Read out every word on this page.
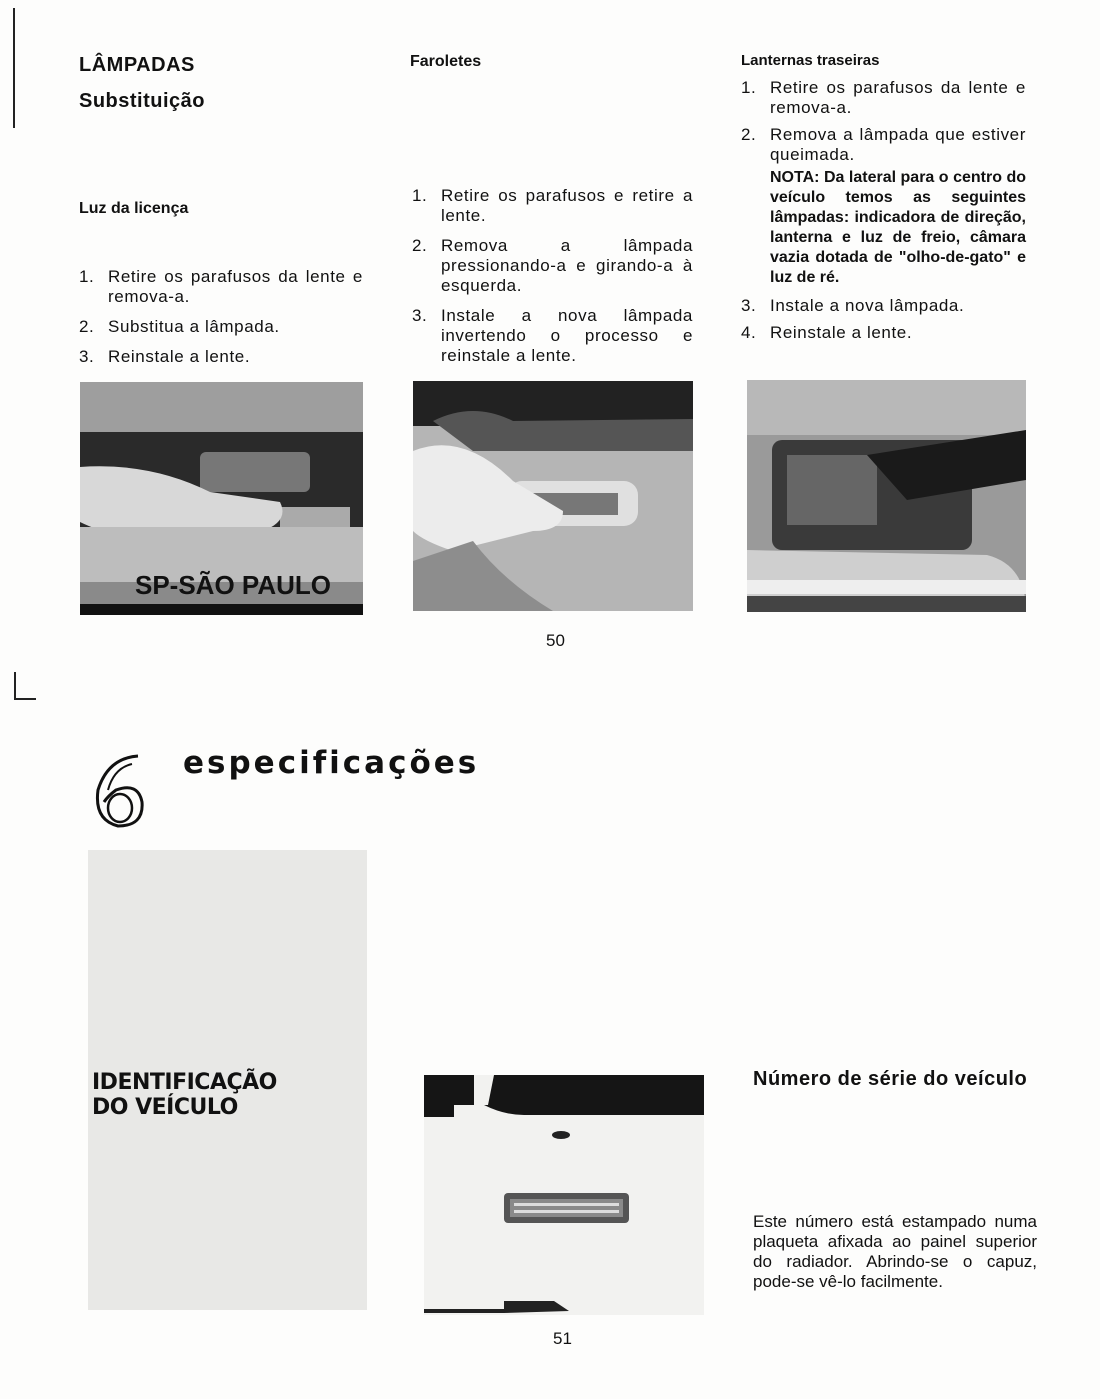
LÂMPADAS
Substituição
Luz da licença
1. Retire os parafusos da lente e remova-a.
2. Substitua a lâmpada.
3. Reinstale a lente.
SP-SÃO PAULO
Faroletes
1. Retire os parafusos e retire a lente.
2. Remova a lâmpada pressionando-a e girando-a à esquerda.
3. Instale a nova lâmpada invertendo o processo e reinstale a lente.
Lanternas traseiras
1. Retire os parafusos da lente e remova-a.
2. Remova a lâmpada que estiver queimada.
NOTA: Da lateral para o centro do veículo temos as seguintes lâmpadas: indicadora de direção, lanterna e luz de freio, câmara vazia dotada de "olho-de-gato" e luz de ré.
3. Instale a nova lâmpada.
4. Reinstale a lente.
50
especificações
IDENTIFICAÇÃO
DO VEÍCULO
Número de série do veículo
Este número está estampado numa plaqueta afixada ao painel superior do radiador. Abrindo-se o capuz, pode-se vê-lo facilmente.
51
